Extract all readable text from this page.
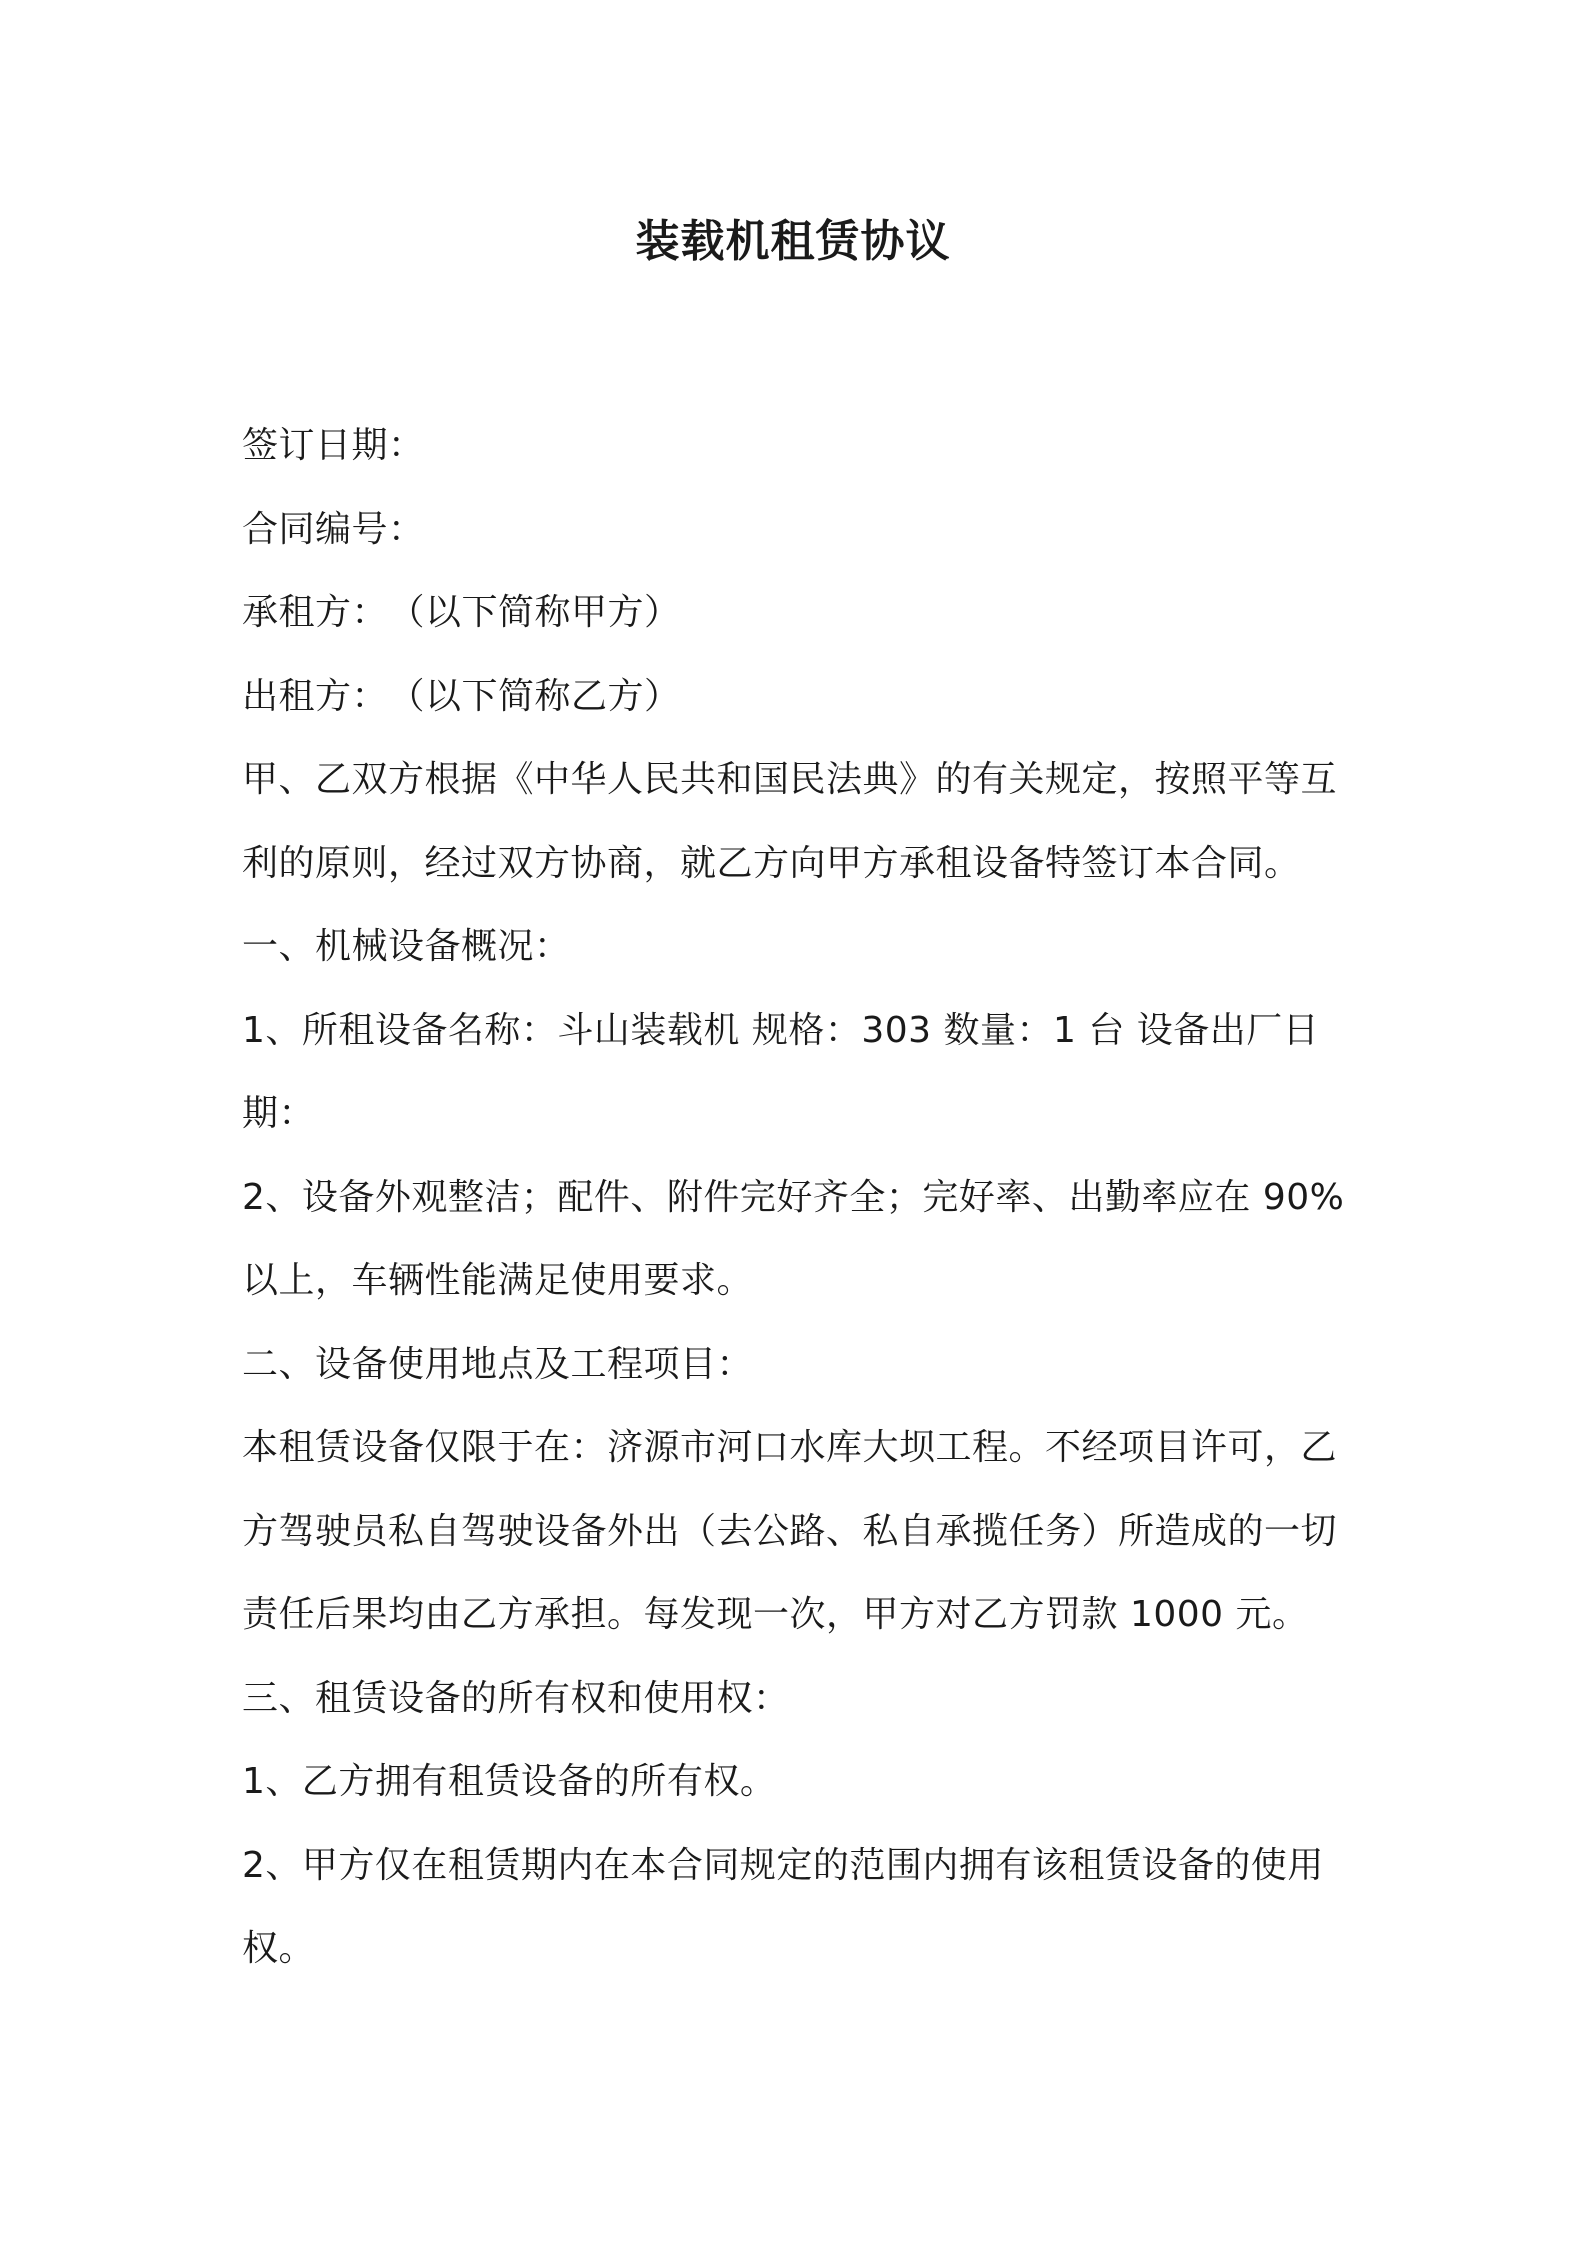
装载机租赁协议
签订日期：
合同编号：
承租方：　（以下简称甲方）
出租方：　（以下简称乙方）
甲、乙双方根据《中华人民共和国民法典》的有关规定，按照平等互
利的原则，经过双方协商，就乙方向甲方承租设备特签订本合同。
一、机械设备概况：
1、所租设备名称：斗山装载机 规格：303 数量：1 台 设备出厂日
期：
2、设备外观整洁；配件、附件完好齐全；完好率、出勤率应在 90%
以上，车辆性能满足使用要求。
二、设备使用地点及工程项目：
本租赁设备仅限于在：济源市河口水库大坝工程。不经项目许可，乙
方驾驶员私自驾驶设备外出（去公路、私自承揽任务）所造成的一切
责任后果均由乙方承担。每发现一次，甲方对乙方罚款 1000 元。
三、租赁设备的所有权和使用权：
1、乙方拥有租赁设备的所有权。
2、甲方仅在租赁期内在本合同规定的范围内拥有该租赁设备的使用
权。
